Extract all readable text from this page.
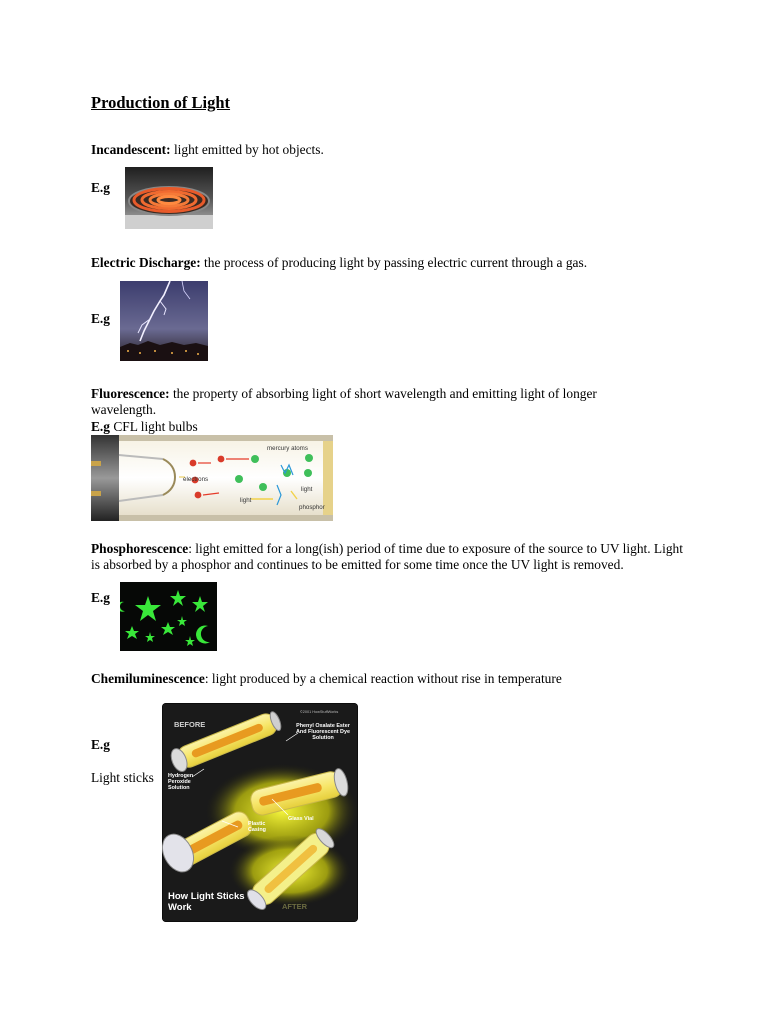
Production of Light
Incandescent: light emitted by hot objects.
E.g
Electric Discharge: the process of producing light by passing electric current through a gas.
E.g
Fluorescence: the property of absorbing light of short wavelength and emitting light of longer wavelength.
E.g CFL light bulbs
mercury atoms
electrons
light
light
phosphor
Phosphorescence: light emitted for a long(ish) period of time due to exposure of the source to UV light. Light is absorbed by a phosphor and continues to be emitted for some time once the UV light is removed.
E.g
Chemiluminescence: light produced by a chemical reaction without rise in temperature
E.g
Light sticks
BEFORE
©2001 HowStuffWorks
Phenyl Oxalate Ester And Fluorescent Dye Solution
Hydrogen Peroxide Solution
Glass Vial
Plastic Casing
How Light Sticks Work	AFTER
